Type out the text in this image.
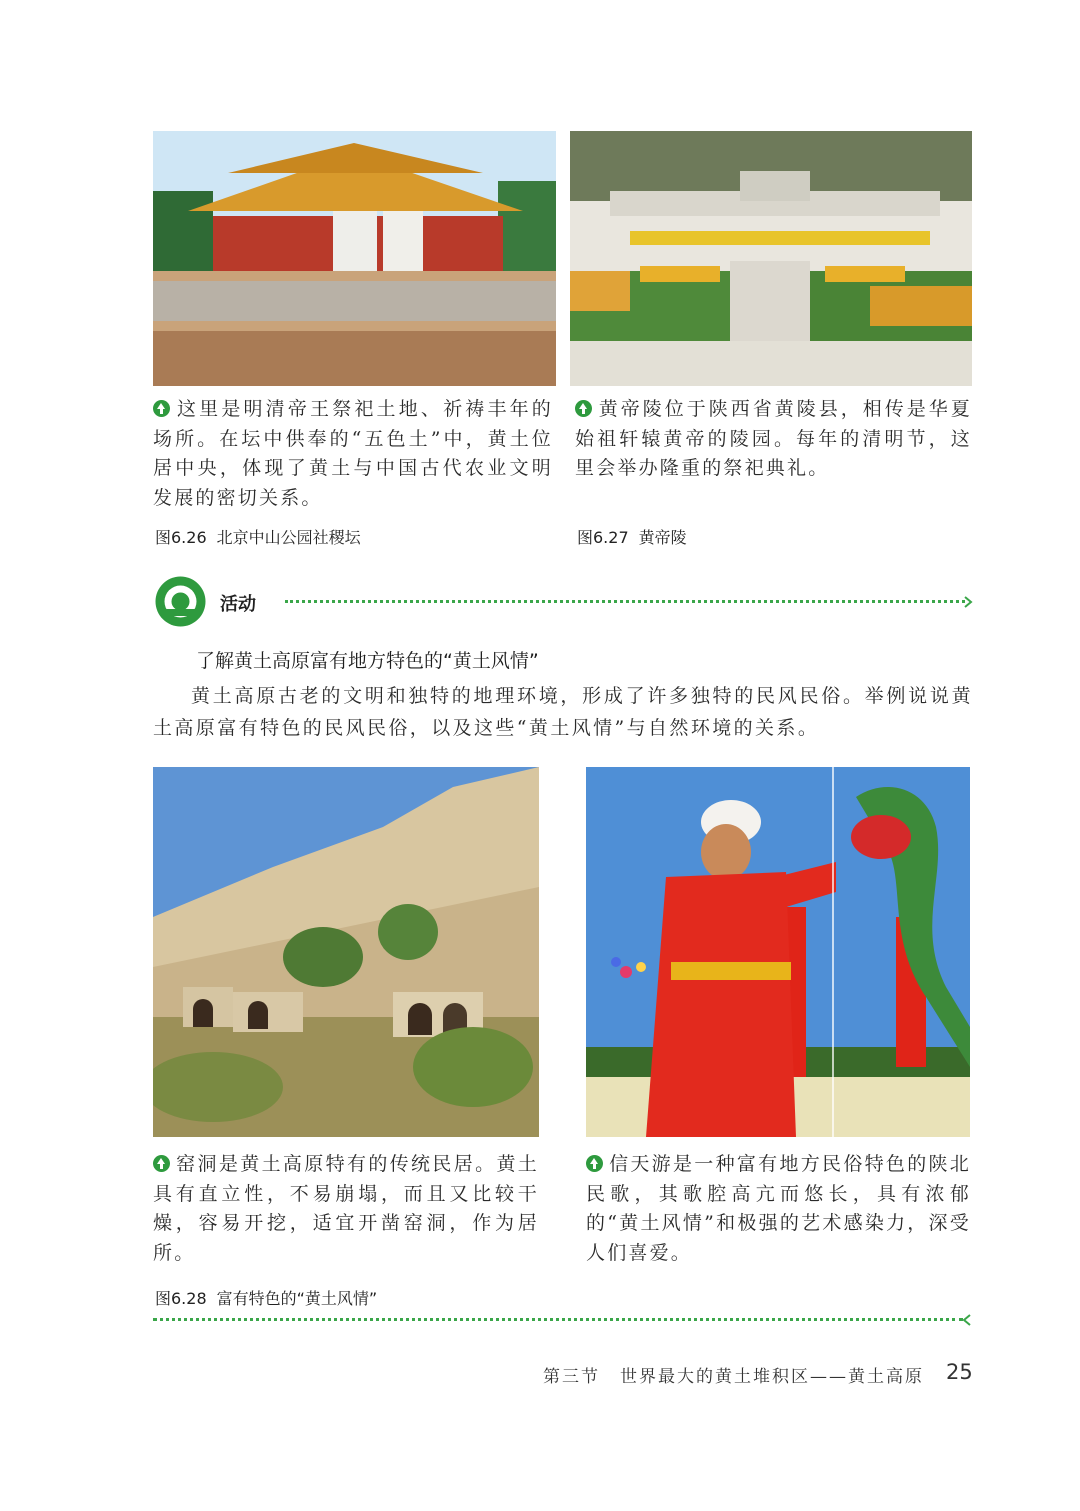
这里是明清帝王祭祀土地、祈祷丰年的场所。在坛中供奉的“五色土”中，黄土位居中央，体现了黄土与中国古代农业文明发展的密切关系。
黄帝陵位于陕西省黄陵县，相传是华夏始祖轩辕黄帝的陵园。每年的清明节，这里会举办隆重的祭祀典礼。
图6.26 北京中山公园社稷坛	图6.27 黄帝陵
活动
了解黄土高原富有地方特色的“黄土风情”
黄土高原古老的文明和独特的地理环境，形成了许多独特的民风民俗。举例说说黄土高原富有特色的民风民俗，以及这些“黄土风情”与自然环境的关系。
窑洞是黄土高原特有的传统民居。黄土具有直立性，不易崩塌，而且又比较干燥，容易开挖，适宜开凿窑洞，作为居所。
信天游是一种富有地方民俗特色的陕北民歌，其歌腔高亢而悠长，具有浓郁的“黄土风情”和极强的艺术感染力，深受人们喜爱。
图6.28 富有特色的“黄土风情”
第三节 世界最大的黄土堆积区——黄土高原 25
